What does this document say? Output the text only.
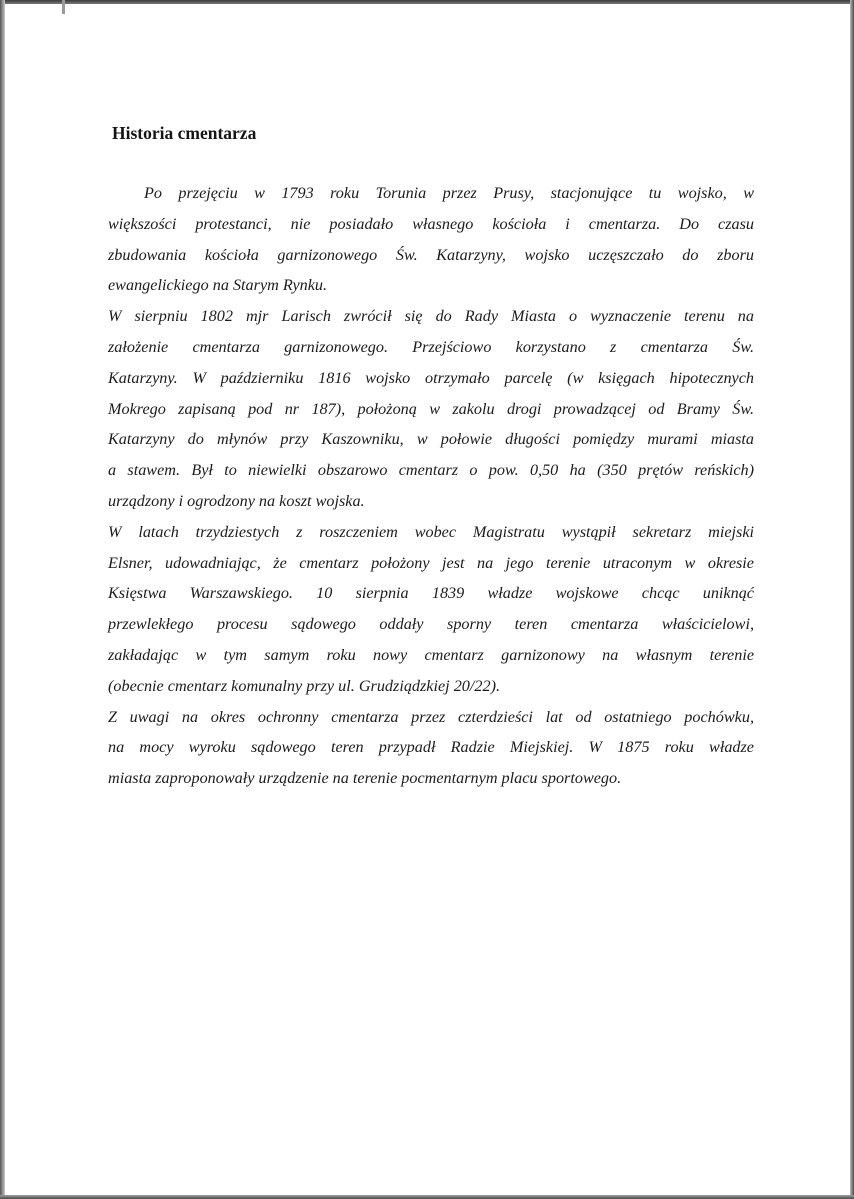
Historia cmentarza
Po przejęciu w 1793 roku Torunia przez Prusy, stacjonujące tu wojsko, w
większości protestanci, nie posiadało własnego kościoła i cmentarza. Do czasu
zbudowania kościoła garnizonowego Św. Katarzyny, wojsko uczęszczało do zboru
ewangelickiego na Starym Rynku.
W sierpniu 1802 mjr Larisch zwrócił się do Rady Miasta o wyznaczenie terenu na
założenie cmentarza garnizonowego. Przejściowo korzystano z cmentarza Św.
Katarzyny. W październiku 1816 wojsko otrzymało parcelę (w księgach hipotecznych
Mokrego zapisaną pod nr 187), położoną w zakolu drogi prowadzącej od Bramy Św.
Katarzyny do młynów przy Kaszowniku, w połowie długości pomiędzy murami miasta
a stawem. Był to niewielki obszarowo cmentarz o pow. 0,50 ha (350 prętów reńskich)
urządzony i ogrodzony na koszt wojska.
W latach trzydziestych z roszczeniem wobec Magistratu wystąpił sekretarz miejski
Elsner, udowadniając, że cmentarz położony jest na jego terenie utraconym w okresie
Księstwa Warszawskiego. 10 sierpnia 1839 władze wojskowe chcąc uniknąć
przewlekłego procesu sądowego oddały sporny teren cmentarza właścicielowi,
zakładając w tym samym roku nowy cmentarz garnizonowy na własnym terenie
(obecnie cmentarz komunalny przy ul. Grudziądzkiej 20/22).
Z uwagi na okres ochronny cmentarza przez czterdzieści lat od ostatniego pochówku,
na mocy wyroku sądowego teren przypadł Radzie Miejskiej. W 1875 roku władze
miasta zaproponowały urządzenie na terenie pocmentarnym placu sportowego.
